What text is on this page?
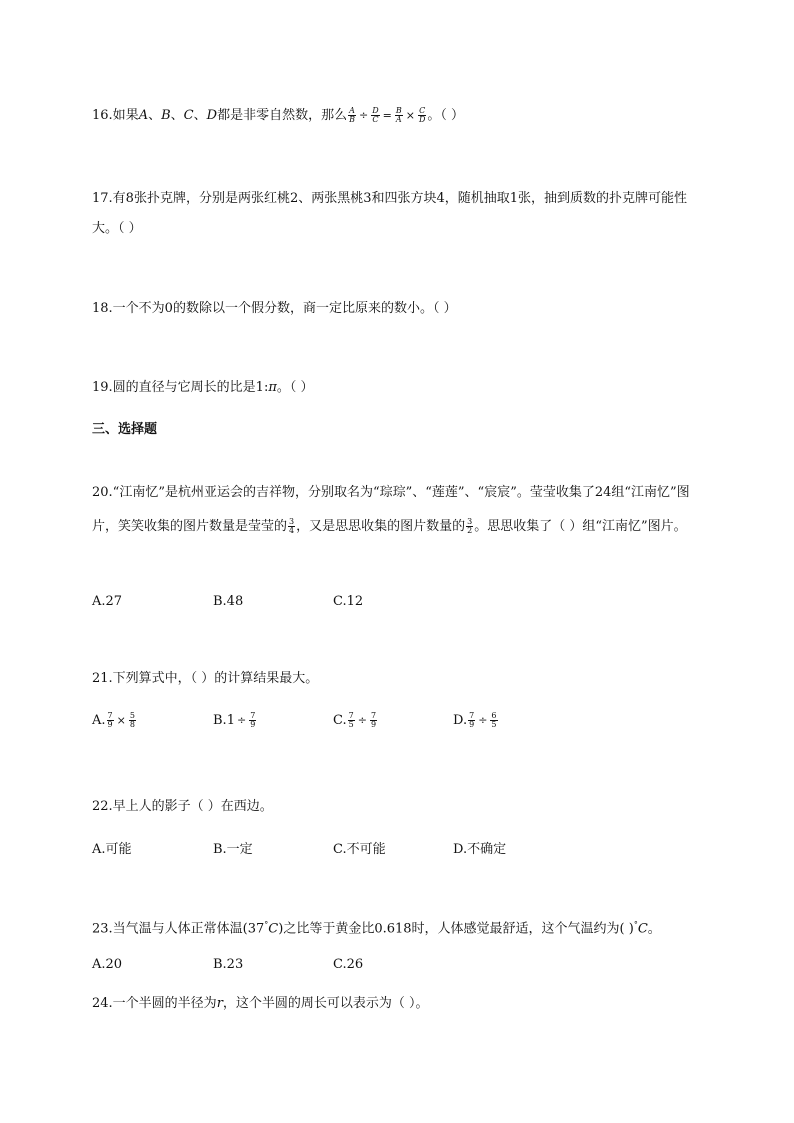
16.如果A、B、C、D都是非零自然数，那么 $\frac{A}{B} \div \frac{D}{C} = \frac{B}{A} \times \frac{C}{D}$ 。（ ）
17.有8张扑克牌，分别是两张红桃2、两张黑桃3和四张方块4，随机抽取1张，抽到质数的扑克牌可能性大。（ ）
18.一个不为0的数除以一个假分数，商一定比原来的数小。（ ）
19.圆的直径与它周长的比是1:π。（ ）
三、选择题
20.“江南忆”是杭州亚运会的吉祥物，分别取名为“琮琮”、“莲莲”、“宸宸”。莹莹收集了24组“江南忆”图片，笑笑收集的图片数量是莹莹的 $\frac{3}{4}$ ，又是思思收集的图片数量的 $\frac{3}{2}$ 。思思收集了（ ）组“江南忆”图片。
A.27	B.48	C.12
21.下列算式中，（ ）的计算结果最大。
A. $\frac{7}{9} \times \frac{5}{8}$	$B.1 \div \frac{7}{9}$	C. $\frac{7}{5} \div \frac{7}{9}$	D. $\frac{7}{9} \div \frac{6}{5}$
22.早上人的影子（ ）在西边。
A.可能	B.一定	C.不可能	D.不确定
23.当气温与人体正常体温(37°C)之比等于黄金比0.618时，人体感觉最舒适，这个气温约为( )°C。
A.20	B.23	C.26
24.一个半圆的半径为r，这个半圆的周长可以表示为（ ）。
